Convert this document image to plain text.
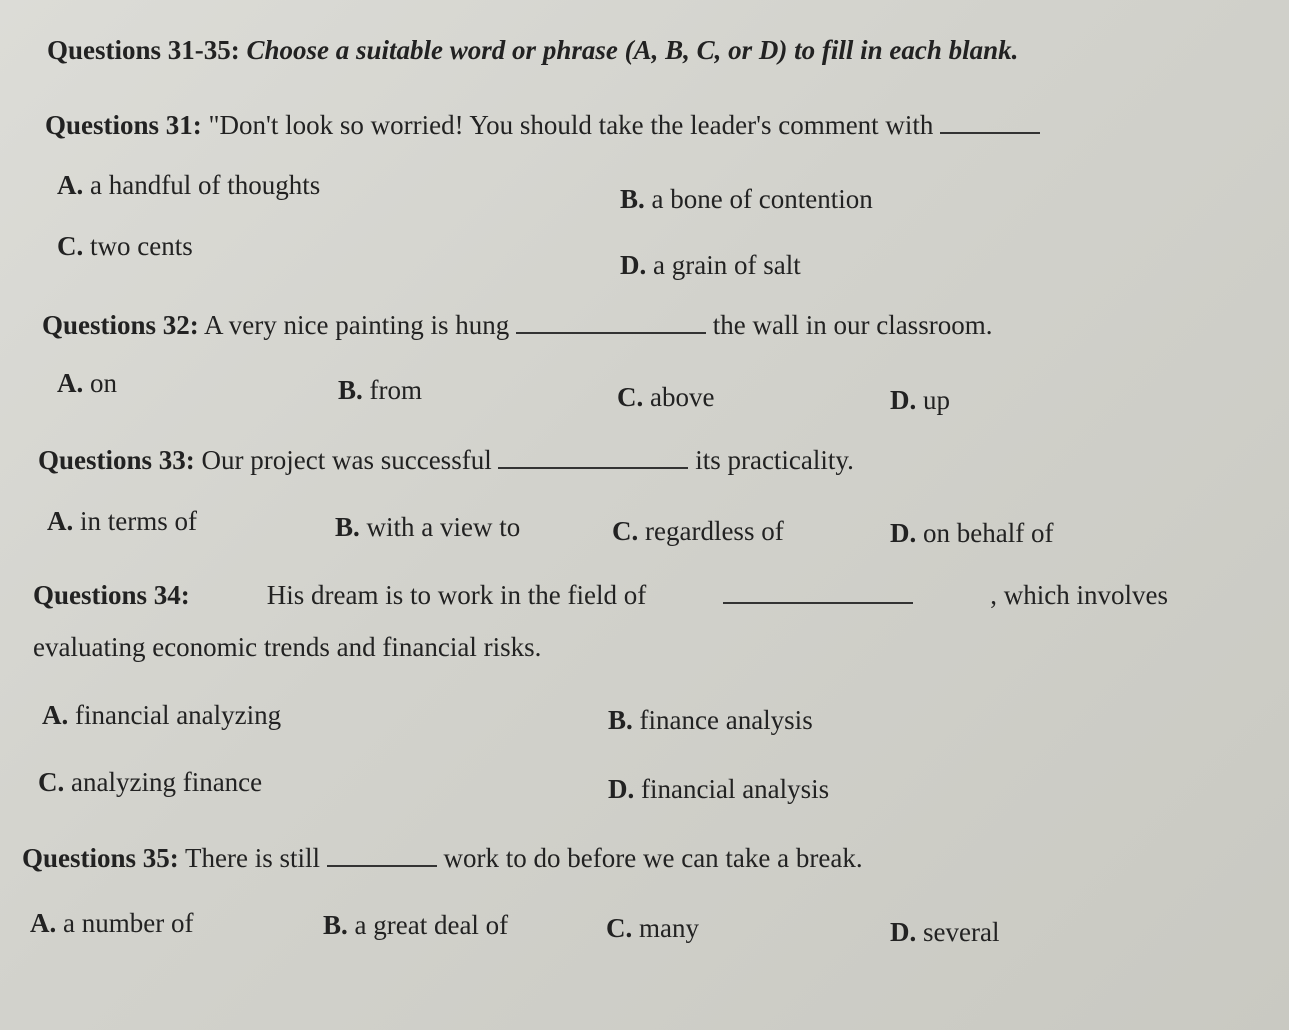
Questions 31-35: Choose a suitable word or phrase (A, B, C, or D) to fill in each blank.
Questions 31: "Don't look so worried! You should take the leader's comment with
A. a handful of thoughts	B. a bone of contention
C. two cents
D. a grain of salt
Questions 32: A very nice painting is hung	the wall in our classroom.
A. on	B. from	C. above	D. up
Questions 33: Our project was successful	its practicality.
A. in terms of	B. with a view to	C. regardless of	D. on behalf of
Questions 34:	His dream is to work in the field of	, which involves
evaluating economic trends and financial risks.
A. financial analyzing	B. finance analysis
C. analyzing finance	D. financial analysis
Questions 35: There is still	work to do before we can take a break.
A. a number of	B. a great deal of	C. many	D. several
